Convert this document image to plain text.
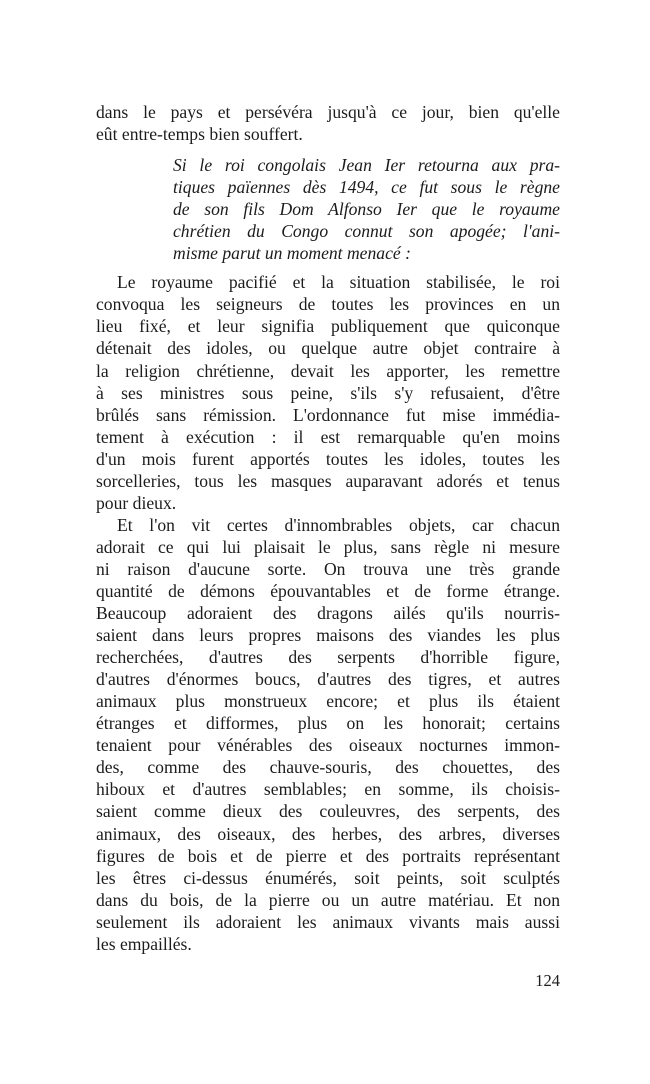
dans le pays et persévéra jusqu'à ce jour, bien qu'elle
eût entre-temps bien souffert.
Si le roi congolais Jean Ier retourna aux pra-
tiques païennes dès 1494, ce fut sous le règne
de son fils Dom Alfonso Ier que le royaume
chrétien du Congo connut son apogée; l'ani-
misme parut un moment menacé :
Le royaume pacifié et la situation stabilisée, le roi
convoqua les seigneurs de toutes les provinces en un
lieu fixé, et leur signifia publiquement que quiconque
détenait des idoles, ou quelque autre objet contraire à
la religion chrétienne, devait les apporter, les remettre
à ses ministres sous peine, s'ils s'y refusaient, d'être
brûlés sans rémission. L'ordonnance fut mise immédia-
tement à exécution : il est remarquable qu'en moins
d'un mois furent apportés toutes les idoles, toutes les
sorcelleries, tous les masques auparavant adorés et tenus
pour dieux.
Et l'on vit certes d'innombrables objets, car chacun
adorait ce qui lui plaisait le plus, sans règle ni mesure
ni raison d'aucune sorte. On trouva une très grande
quantité de démons épouvantables et de forme étrange.
Beaucoup adoraient des dragons ailés qu'ils nourris-
saient dans leurs propres maisons des viandes les plus
recherchées, d'autres des serpents d'horrible figure,
d'autres d'énormes boucs, d'autres des tigres, et autres
animaux plus monstrueux encore; et plus ils étaient
étranges et difformes, plus on les honorait; certains
tenaient pour vénérables des oiseaux nocturnes immon-
des, comme des chauve-souris, des chouettes, des
hiboux et d'autres semblables; en somme, ils choisis-
saient comme dieux des couleuvres, des serpents, des
animaux, des oiseaux, des herbes, des arbres, diverses
figures de bois et de pierre et des portraits représentant
les êtres ci-dessus énumérés, soit peints, soit sculptés
dans du bois, de la pierre ou un autre matériau. Et non
seulement ils adoraient les animaux vivants mais aussi
les empaillés.
124
